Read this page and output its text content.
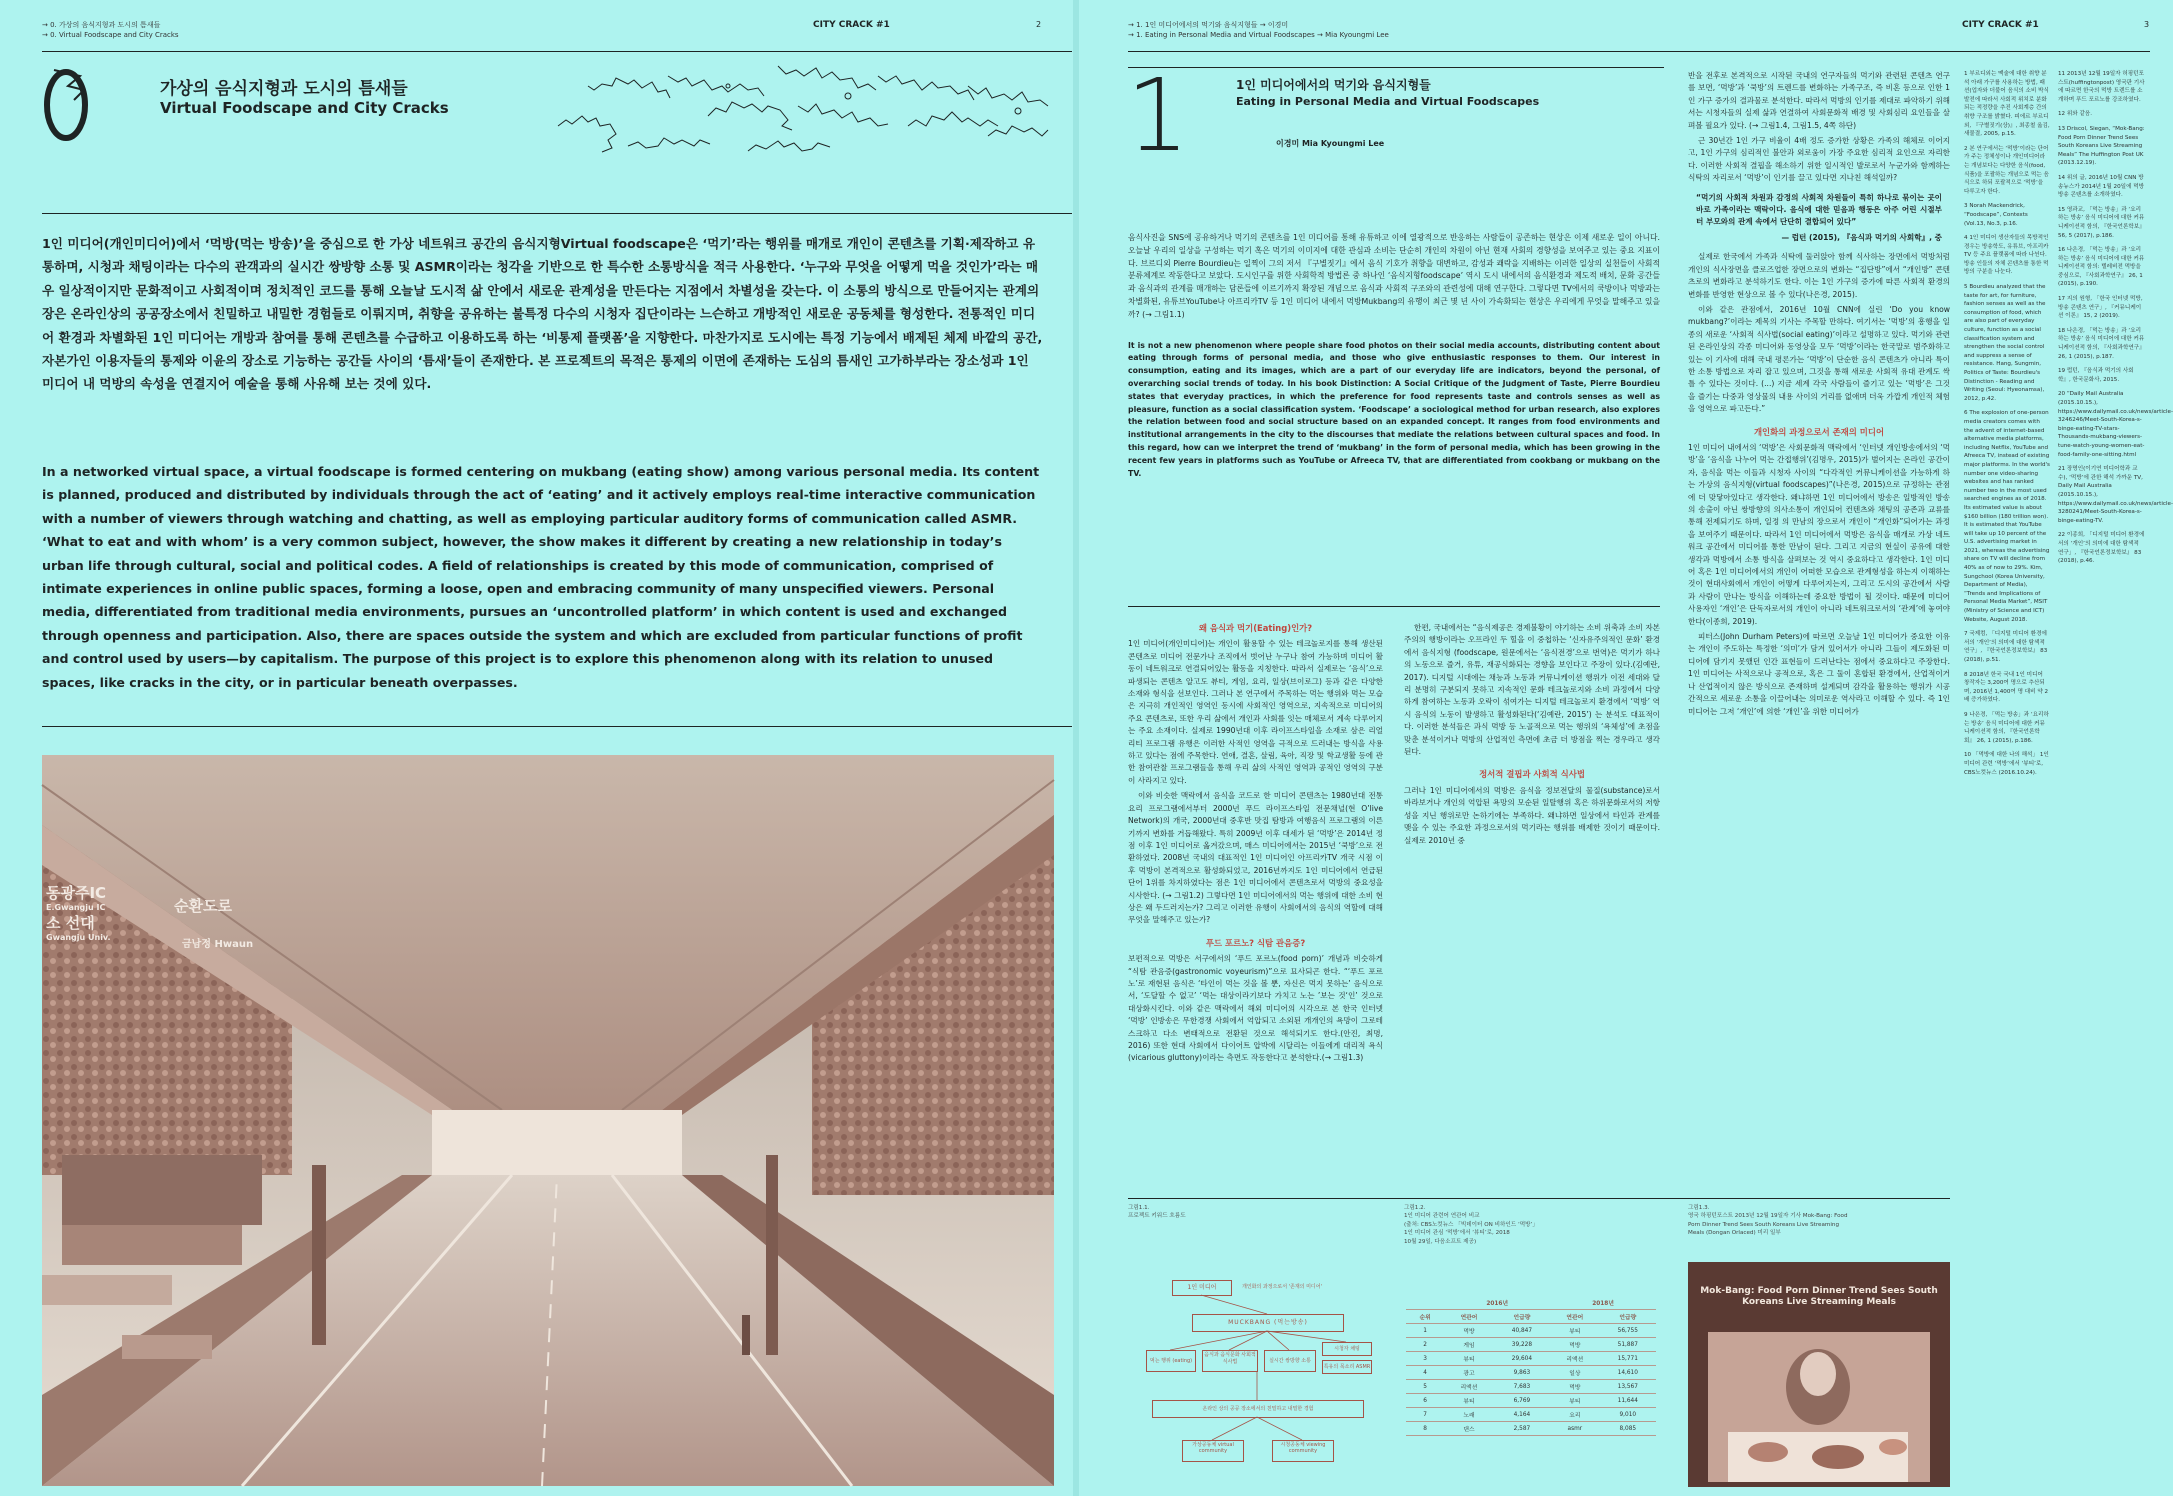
→ 0. 가상의 음식지형과 도시의 틈새들
→ 0. Virtual Foodscape and City Cracks
CITY CRACK #1	2
가상의 음식지형과 도시의 틈새들
Virtual Foodscape and City Cracks
1인 미디어(개인미디어)에서 ‘먹방(먹는 방송)’을 중심으로 한 가상 네트워크 공간의 음식지형Virtual foodscape은 ‘먹기’라는 행위를 매개로 개인이 콘텐츠를 기획·제작하고 유통하며, 시청과 채팅이라는 다수의 관객과의 실시간 쌍방향 소통 및 ASMR이라는 청각을 기반으로 한 특수한 소통방식을 적극 사용한다. ‘누구와 무엇을 어떻게 먹을 것인가’라는 매우 일상적이지만 문화적이고 사회적이며 정치적인 코드를 통해 오늘날 도시적 삶 안에서 새로운 관계성을 만든다는 지점에서 차별성을 갖는다. 이 소통의 방식으로 만들어지는 관계의 장은 온라인상의 공공장소에서 친밀하고 내밀한 경험들로 이뤄지며, 취향을 공유하는 불특정 다수의 시청자 집단이라는 느슨하고 개방적인 새로운 공동체를 형성한다. 전통적인 미디어 환경과 차별화된 1인 미디어는 개방과 참여를 통해 콘텐츠를 수급하고 이용하도록 하는 ‘비통제 플랫폼’을 지향한다. 마찬가지로 도시에는 특정 기능에서 배제된 체제 바깥의 공간, 자본가인 이용자들의 통제와 이윤의 장소로 기능하는 공간들 사이의 ‘틈새’들이 존재한다. 본 프로젝트의 목적은 통제의 이면에 존재하는 도심의 틈새인 고가하부라는 장소성과 1인 미디어 내 먹방의 속성을 연결지어 예술을 통해 사유해 보는 것에 있다.
In a networked virtual space, a virtual foodscape is formed centering on mukbang (eating show) among various personal media. Its content is planned, produced and distributed by individuals through the act of ‘eating’ and it actively employs real-time interactive communication with a number of viewers through watching and chatting, as well as employing particular auditory forms of communication called ASMR. ‘What to eat and with whom’ is a very common subject, however, the show makes it different by creating a new relationship in today’s urban life through cultural, social and political codes. A field of relationships is created by this mode of communication, comprised of intimate experiences in online public spaces, forming a loose, open and embracing community of many unspecified viewers. Personal media, differentiated from traditional media environments, pursues an ‘uncontrolled platform’ in which content is used and exchanged through openness and participation. Also, there are spaces outside the system and which are excluded from particular functions of profit and control used by users—by capitalism. The purpose of this project is to explore this phenomenon along with its relation to unused spaces, like cracks in the city, or in particular beneath overpasses.
동광주IC
E.Gwangju IC
소 선대
Gwangju Univ.
순환도로
금남정 Hwaun
→ 1. 1인 미디어에서의 먹기와 음식지형들 → 이경미
→ 1. Eating in Personal Media and Virtual Foodscapes → Mia Kyoungmi Lee
CITY CRACK #1	3
1	1인 미디어에서의 먹기와 음식지형들
Eating in Personal Media and Virtual Foodscapes
이경미 Mia Kyoungmi Lee

음식사진을 SNS에 공유하거나 먹기의 콘텐츠를 1인 미디어를 통해 유튜하고 이에 열광적으로 반응하는 사람들이 공존하는 현상은 이제 새로운 일이 아니다. 오늘날 우리의 일상을 구성하는 먹기 혹은 먹기의 이미지에 대한 관심과 소비는 단순히 개인의 차원이 아닌 현재 사회의 경향성을 보여주고 있는 중요 지표이다. 브르디외 Pierre Bourdieu는 일찍이 그의 저서 『구별짓기』에서 음식 기호가 취향을 대변하고, 감성과 쾌락을 지배하는 이러한 일상의 실천들이 사회적 분류체계로 작동한다고 보았다. 도시인구를 위한 사회학적 방법론 중 하나인 ‘음식지형foodscape’ 역시 도시 내에서의 음식환경과 제도적 배치, 문화 공간들과 음식과의 관계를 매개하는 담론들에 이르기까지 확장된 개념으로 음식과 사회적 구조와의 관련성에 대해 연구한다. 그렇다면 TV에서의 쿡방이나 먹방과는 차별화된, 유튜브YouTube나 아프리카TV 등 1인 미디어 내에서 먹방Mukbang의 유행이 최근 몇 년 사이 가속화되는 현상은 우리에게 무엇을 말해주고 있을까? (→ 그림1.1)

It is not a new phenomenon where people share food photos on their social media accounts, distributing content about eating through forms of personal media, and those who give enthusiastic responses to them. Our interest in consumption, eating and its images, which are a part of our everyday life are indicators, beyond the personal, of overarching social trends of today. In his book Distinction: A Social Critique of the Judgment of Taste, Pierre Bourdieu states that everyday practices, in which the preference for food represents taste and controls senses as well as pleasure, function as a social classification system. ‘Foodscape’ a sociological method for urban research, also explores the relation between food and social structure based on an expanded concept. It ranges from food environments and institutional arrangements in the city to the discourses that mediate the relations between cultural spaces and food. In this regard, how can we interpret the trend of ‘mukbang’ in the form of personal media, which has been growing in the recent few years in platforms such as YouTube or Afreeca TV, that are differentiated from cookbang or mukbang on the TV.

왜 음식과 먹기(Eating)인가?

1인 미디어(개인미디어)는 개인이 활용할 수 있는 테크놀로지를 통해 생산된 콘텐츠로 미디어 전문가나 조직에서 벗어난 누구나 참여 가능하며 미디어 활동이 네트워크로 연결되어있는 활동을 지칭한다. 따라서 실제로는 ‘음식’으로 파생되는 콘텐츠 알고도 뷰티, 게임, 요리, 일상(브이로그) 등과 같은 다양한 소재와 형식을 선보인다. 그러나 본 연구에서 주목하는 먹는 행위와 먹는 모습은 지극히 개인적인 영역인 동시에 사회적인 영역으로, 지속적으로 미디어의 주요 콘텐츠로, 또한 우리 삶에서 개인과 사회를 잇는 매체로서 계속 다루어지는 주요 소재이다. 실제로 1990년대 이후 라이프스타일을 소재로 삼은 리얼리티 프로그램 유행은 이러한 사적인 영역을 극적으로 드러내는 방식을 사용하고 있다는 점에 주목한다. 연애, 결혼, 살림, 육아, 직장 및 학교생활 등에 관한 참여관찰 프로그램들을 통해 우리 삶의 사적인 영역과 공적인 영역의 구분이 사라지고 있다.

이와 비슷한 맥락에서 음식을 코드로 한 미디어 콘텐츠는 1980년대 전통 요리 프로그램에서부터 2000년 푸드 라이프스타일 전문채널(현 O’live Network)의 개국, 2000년대 중후반 맛집 탐방과 여행음식 프로그램의 이른 기까지 변화를 거듭해왔다. 특히 2009년 이후 대세가 된 ‘먹방’은 2014년 정점 이후 1인 미디어로 옮겨갔으며, 매스 미디어에서는 2015년 ‘쿡방’으로 전환하였다. 2008년 국내의 대표적인 1인 미디어인 아프리카TV 개국 시점 이후 먹방이 본격적으로 활성화되었고, 2016년까지도 1인 미디어에서 연급된 단어 1위를 차지하였다는 점은 1인 미디어에서 콘텐츠로서 먹방의 중요성을 시사한다. (→ 그림1.2) 그렇다면 1인 미디어에서의 먹는 행위에 대한 소비 현상은 왜 두드러지는가? 그리고 이러한 유행이 사회에서의 음식의 역할에 대해 무엇을 말해주고 있는가?

푸드 포르노? 식탐 관음증?

보편적으로 먹방은 서구에서의 ‘푸드 포르노(food porn)’ 개념과 비슷하게 “식탐 관음증(gastronomic voyeurism)”으로 묘사되곤 한다. “‘푸드 포르노’로 재현된 음식은 ‘타인이 먹는 것을 볼 뿐, 자신은 먹지 못하는’ 음식으로서, ‘도달할 수 없고’ ‘먹는 대상이라기보다 가치고 노는 ’보는 것‘인’ 것으로 대상화시킨다. 이와 같은 맥락에서 해외 미디어의 시각으로 본 한국 인터넷 ‘먹방’ 인방송은 무한경쟁 사회에서 억압되고 소외된 개개인의 욕망이 그로테스크하고 다소 변태적으로 전환된 것으로 해석되기도 한다.(안진, 최명, 2016) 또한 현대 사회에서 다이어트 압박에 시달리는 이들에게 대리적 욕식(vicarious gluttony)이라는 측면도 작동한다고 분석한다.(→ 그림1.3)

한편, 국내에서는 “음식제공은 경제불황이 야기하는 소비 위축과 소비 자본주의의 행방이라는 오프라인 두 힐을 이 중첩하는 ‘신자유주의적인 문화’ 환경에서 음식지형 (foodscape, 원문에서는 ‘음식전경’으로 번역)은 먹기가 하나의 노동으로 즐거, 유튜, 재공식화되는 경향을 보인다고 주장이 있다.(김예란, 2017). 디지털 시대에는 채능과 노동과 커뮤니케이션 행위가 이전 세대와 달리 분명히 구분되지 못하고 지속적인 문화 테크놀로지와 소비 과정에서 다양하게 참여하는 노동과 오락이 섞여가는 디지털 테크놀로지 환경에서 ‘먹방’ 역시 음식의 노동이 발생하고 활성화된다(‘김예란, 2015’) 는 분석도 대표적이다. 이러한 분석들은 과식 먹방 등 노골적으로 먹는 행위의 ‘욕체성’에 초점을 맞춘 분석이거나 먹방의 산업적인 측면에 초금 더 방점을 찍는 경우라고 생각된다.

정서적 결핍과 사회적 식사법

그러나 1인 미디어에서의 먹방은 음식을 정보전달의 물질(substance)로서 바라보거나 개인의 억압된 욕망의 모순된 일탈행위 혹은 하위문화로서의 저항성을 지닌 행위로만 논하기에는 부족하다. 왜냐하면 일상에서 타인과 관계를 맺을 수 있는 주요한 과정으로서의 먹기라는 행위를 배제한 것이기 때문이다. 실제로 2010년 중

반을 전후로 본격적으로 시작된 국내의 연구자들의 먹기와 관련된 콘텐츠 연구를 보면, ‘먹방’과 ‘쿡방’의 트렌드를 변화하는 가족구조, 즉 비혼 등으로 인한 1인 가구 증가의 결과물로 분석한다. 따라서 먹방의 인기를 제대로 파악하기 위해서는 시청자들의 실제 삶과 연결하여 사회문화적 배경 및 사회심리 요인들을 살펴볼 필요가 있다. (→ 그림1.4, 그림1.5, 4쪽 하단)

근 30년간 1인 가구 비율이 4배 정도 증가한 상황은 가족의 해체로 이어지고, 1인 가구의 심리적인 불안과 외로움이 가장 주요한 심리적 요인으로 자리한다. 이러한 사회적 결핍을 해소하기 위한 일시적인 발로로서 누군가와 함께하는 식탁의 자리로서 ‘먹방’이 인기를 끌고 있다면 지나친 해석일까?

“먹기의 사회적 차원과 감정의 사회적 차원들이 특히 하나로 묶이는 곳이 바로 가족이라는 맥락이다. 음식에 대한 믿음과 행동은 아주 어린 시절부터 부모와의 관계 속에서 단단히 결합되어 있다”

— 럽턴 (2015), 『음식과 먹기의 사회학』, 중

실제로 한국에서 가족과 식탁에 둘러앉아 함께 식사하는 장면에서 먹방처럼 개인의 식사장면을 클로즈업한 장면으로의 변화는 “집단방”에서 “개인방” 콘텐츠로의 변화라고 분석하기도 한다. 이는 1인 가구의 증가에 따른 사회적 환경의 변화를 반영한 현상으로 볼 수 있다(나은경, 2015).

이와 같은 관점에서, 2016년 10월 CNN에 실린 ‘Do you know mukbang?’이라는 제목의 기사는 주목할 만하다. 여기서는 ‘먹방’의 흥행을 일종의 새로운 ‘사회적 식사법(social eating)’이라고 설명하고 있다. 먹기와 관련된 온라인상의 각종 미디어와 동영상을 모두 ‘먹방’이라는 한국말로 범주화하고 있는 이 기사에 대해 국내 평론가는 ‘먹방’이 단순한 음식 콘텐츠가 아니라 특이한 소통 방법으로 자리 잡고 있으며, 그것을 통해 새로운 사회적 유대 관계도 싹틀 수 있다는 것이다. (...) 지금 세계 각국 사람들이 즐기고 있는 ‘먹방’은 그것을 즐기는 다중과 영상물의 내용 사이의 거리를 없애며 더욱 가깝게 개인적 체험을 영역으로 파고든다.”

개인화의 과정으로서 존재의 미디어

1인 미디어 내에서의 ‘먹방’은 사회문화적 맥락에서 ‘인터넷 개인방송에서의 ‘먹방’을 ‘음식을 나누어 먹는 간접행위’(김명우, 2015)가 벌어지는 온라인 공간이자, 음식을 먹는 이들과 시청자 사이의 “다각적인 커뮤니케이션을 가능하게 하는 가상의 음식지형(virtual foodscapes)”(나은경, 2015)으로 규정하는 관점에 더 맞닿아있다고 생각한다. 왜냐하면 1인 미디어에서 방송은 일방적인 방송의 송출이 아닌 쌍방향의 의사소통이 개인되어 컨텐츠와 채팅의 공존과 교류를 통해 전제되기도 하며, 일정 의 만남의 장으로서 개인이 “개인화”되어가는 과정을 보여주기 때문이다. 따라서 1인 미디어에서 먹방은 음식을 매개로 가상 네트워크 공간에서 미디어를 통한 만남이 된다. 그리고 지금의 현실이 공유에 대한 생각과 먹방에서 소통 방식을 살펴보는 것 역시 중요하다고 생각한다. 1인 미디어 혹은 1인 미디어에서의 개인이 어떠한 모습으로 관계형성을 하는지 이해하는 것이 현대사회에서 개인이 어떻게 다루어지는지, 그리고 도시의 공간에서 사람과 사람이 만나는 방식을 이해하는데 중요한 방법이 될 것이다. 때문에 미디어 사용자인 ‘개인’은 단독자로서의 개인이 아니라 네트워크로서의 ‘관계’에 놓여야 한다(이종희, 2019).

피터스(John Durham Peters)에 따르면 오늘날 1인 미디어가 중요한 이유는 개인이 주도하는 특정한 ‘의미’가 담겨 있어서가 아니라 그들이 제도화된 미디어에 담기지 못했던 인간 표현들이 드러난다는 점에서 중요하다고 주장한다. 1인 미디어는 사적으로나 공적으로, 혹은 그 둘이 혼합된 환경에서, 산업적이거나 산업적이지 않은 방식으로 존재하며 설계되며 감각을 활용하는 행위가 시공간적으로 세로운 소통을 이끌어내는 의미로운 역사라고 이해할 수 있다. 즉 1인 미디어는 그저 ‘개인’에 의한 ‘개인’을 위한 미디어가

1 부르디외는 맥술에 대한 취향 분석 아래 가구를 사용하는 방법, 패션(업자와 더불어 음식의 소비 박식 발전에 따라서 사회적 위치로 분화되는 적정량을 추진 사회계층 간의 취향 구조를 밝혔다. 피에르 부르디외, 『구별짓기(상)』, 최종철 옮김, 새물결, 2005, p.15.

2 본 연구에서는 ‘먹방’이라는 단어가 주는 정체성이나 개인미디어라는 개념보다는 다양한 음식(food, 식품)을 포괄하는 개념으로 먹는 음식으로 하되 포괄적으로 ‘먹방’을 다루고자 한다.

3 Norah Mackendrick, “Foodscape”, Contexts (Vol.13, No.3, p.16.

4 1인 미디어 생산자들의 목방적인 경우는 방송학도, 유튜브, 아프리카TV 등 주요 플랫폼에 따라 나뉜다. 방송 인들의 자체 콘텐츠를 통한 먹방의 구분을 나눈다.

5 Bourdieu analyzed that the taste for art, for furniture, fashion senses as well as the consumption of food, which are also part of everyday culture, function as a social classification system and strengthen the social control and suppress a sense of resistance. Hang, Sungmin, Politics of Taste: Bourdieu's Distinction - Reading and Writing (Seoul: Hyeonamsa), 2012, p.42.

6 The explosion of one-person media creators comes with the advent of internet-based alternative media platforms, including Netflix, YouTube and Afreeca TV, instead of existing major platforms. In the world's number one video-sharing websites and has ranked number two in the most used searched engines as of 2018. Its estimated value is about $160 billion (180 trillion won). It is estimated that YouTube will take up 10 percent of the U.S. advertising market in 2021, whereas the advertising share on TV will decline from 40% as of now to 29%. Kim, Sungchool (Korea University, Department of Media), “Trends and Implications of Personal Media Market”, MSIT (Ministry of Science and ICT) Website, August 2018.

7 국제컴, 「디지털 미디어 환경에서의 ‘개인’의 의미에 대한 탐색적 연구」, 『한국언론정보학보』 83 (2018), p.51.

8 2018년 한국 국내 1인 미디어 창작자는 3,200여 명으로 추산되며, 2016년 1,400여 명 대비 약 2배 증가하였다.

9 나은경, 「먹는 방송」과 ‘요리하는 방송’ 음식 미디어에 대한 커뮤니케이션적 함의, 『한국언론학회』 26, 1 (2015), p.186.

10 「먹방에 대한 나의 해석」 1인 미디어 관련 ‘먹방’에서 ‘뷰티’로, CBS노컷뉴스 (2016.10.24).

11 2013년 12월 19일자 허핑턴포스트(huffingtonpost) 영국판 기사에 따르면 한국의 먹방 트렌드를 소개하며 푸드 포르노를 강조하였다.

12 위와 같음.

13 Driscol, Siegan, “Mok-Bang: Food Porn Dinner Trend Sees South Koreans Live Streaming Meals” The Huffington Post UK (2013.12.19).

14 위의 글, 2016년 10월 CNN 방송뉴스가 2014년 1월 20일에 먹방 방송 콘텐츠를 소개하였다.

15 영과교, 「먹는 방송」과 ‘요리하는 방송’ 음식 미디어에 대한 커뮤니케이션적 함의, 『한국언론학보』 56, 5 (2017), p.186.

16 나은경, 「먹는 방송」과 ‘요리하는 방송’ 음식 미디어에 대한 커뮤니케이션적 함의: 텔레비전 먹방을 중심으로, 『사회과학연구』 26, 1 (2015), p.190.

17 지의 원형, 「한국 인터넷 먹방, 방송 콘텐츠 연구」, 『커뮤니케이션 이론』 15, 2 (2019).

18 나은경, 「먹는 방송」과 ‘요리하는 방송’ 음식 미디어에 대한 커뮤니케이션적 함의, 『사회과학연구』 26, 1 (2015), p.187.

19 럽턴, 『음식과 먹기의 사회학』, 한국문화사, 2015.

20 “Daily Mail Australia (2015.10.15.), https://www.dailymail.co.uk/news/article-3246246/Meet-South-Korea-s-binge-eating-TV-stars-Thousands-mukbang-viewers-tune-watch-young-women-eat-food-family-one-sitting.html

21 장명인(이기연 미디어학과 교수), ‘먹방’에 관한 해석 가까운 TV, Daily Mail Australia (2015.10.15.), https://www.dailymail.co.uk/news/article-3280241/Meet-South-Korea-s-binge-eating-TV.

22 이종희, 「디지털 미디어 환경에서의 ‘개인’의 의미에 대한 탐색적 연구」, 『한국언론정보학보』 83 (2018), p.46.

그림1.1.
프로젝트 키워드 흐름도
그림1.2.
1인 미디어 관련어 연관어 비교
(출처: CBS노컷뉴스 「빅데이터 ON 비하인드 ‘먹방’」
1인 미디어 관심 ‘먹방’에서 ‘뷰티’로, 2018
10월 29일, 다음소프트 제공)
그림1.3.
영국 하핑턴포스트 2013년 12월 19일자 기사 Mok-Bang: Food
Porn Dinner Trend Sees South Koreans Live Streaming
Meals (Dongan Orlaced) 미리 일부
1인 미디어	개인화의 과정으로서 '존재의 미디어'
MUCKBANG (먹는방송)
먹는 행위 (eating)
음식과 음식문화 사회적 식사법	실시간 쌍방향 소통
시청자 채팅
특유의 목소리 ASMR
온라인 상의 공공 장소에서의 친밀하고 내밀한 경험
가상공동체 virtual community
시청공동체 viewing community
	2016년		2018년	
순위	연관어	언급량	연관어	언급량
1	먹방	40,847	뷰티	56,755
2	게임	39,228	먹방	51,887
3	뷰티	29,604	리액션	15,771
4	광고	9,863	일상	14,610
5	리액션	7,683	먹방	13,567
6	뷰티	6,769	뷰티	11,644
7	노래	4,164	요리	9,010
8	댄스	2,587	asmr	8,085
Mok-Bang: Food Porn Dinner Trend Sees South Koreans Live Streaming Meals
